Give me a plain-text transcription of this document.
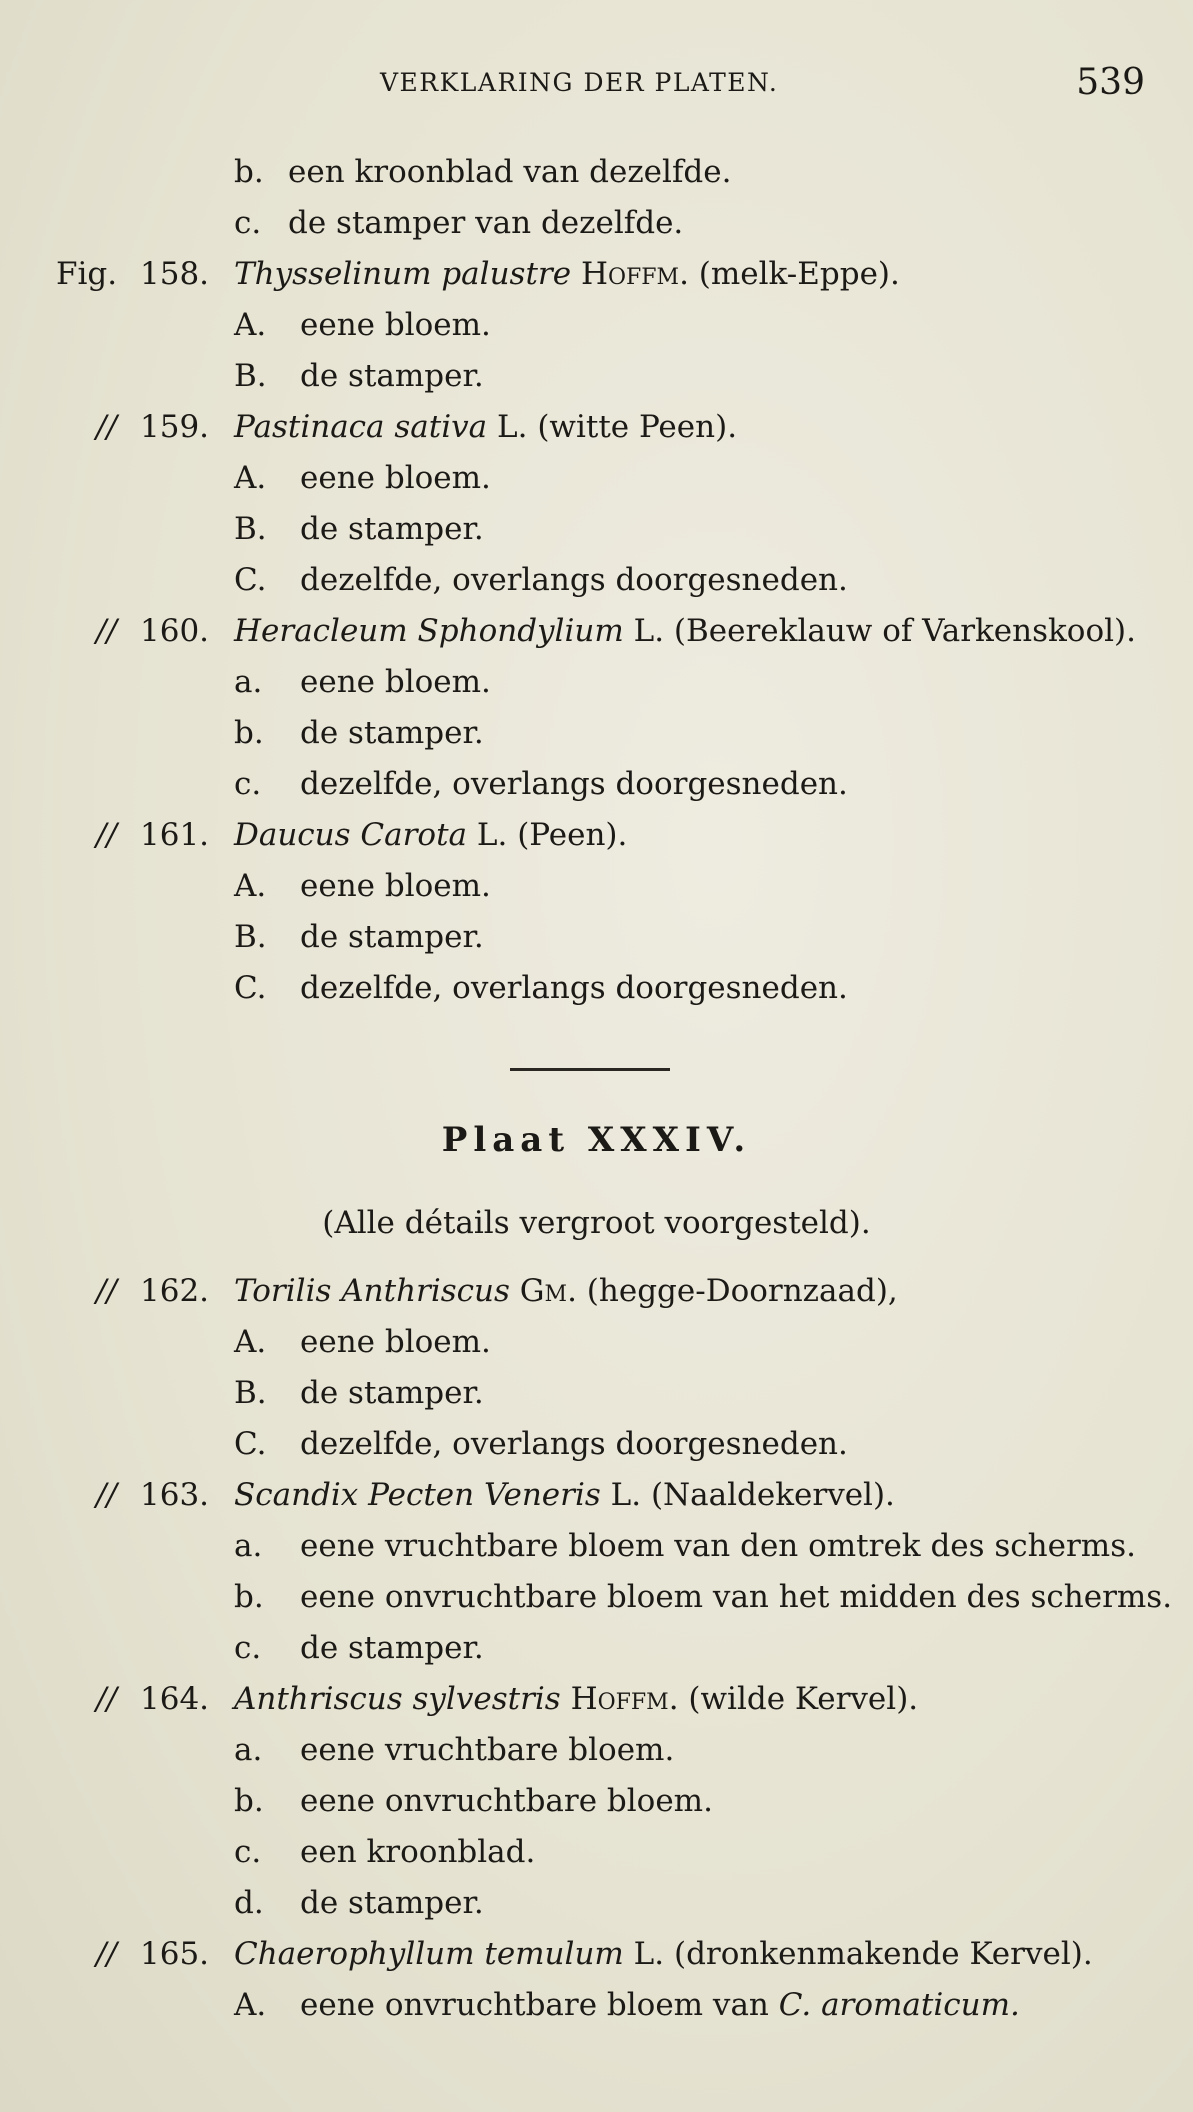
VERKLARING DER PLATEN.	539
b. een kroonblad van dezelfde.
c. de stamper van dezelfde.
Fig. 158. Thysselinum palustre Hoffm. (melk-Eppe).
A. eene bloem.
B. de stamper.
// 159. Pastinaca sativa L. (witte Peen).
A. eene bloem.
B. de stamper.
C. dezelfde, overlangs doorgesneden.
// 160. Heracleum Sphondylium L. (Beereklauw of Varkenskool).
a. eene bloem.
b. de stamper.
c. dezelfde, overlangs doorgesneden.
// 161. Daucus Carota L. (Peen).
A. eene bloem.
B. de stamper.
C. dezelfde, overlangs doorgesneden.
Plaat XXXIV.
(Alle détails vergroot voorgesteld).
// 162. Torilis Anthriscus Gm. (hegge-Doornzaad),
A. eene bloem.
B. de stamper.
C. dezelfde, overlangs doorgesneden.
// 163. Scandix Pecten Veneris L. (Naaldekervel).
a. eene vruchtbare bloem van den omtrek des scherms.
b. eene onvruchtbare bloem van het midden des scherms.
c. de stamper.
// 164. Anthriscus sylvestris Hoffm. (wilde Kervel).
a. eene vruchtbare bloem.
b. eene onvruchtbare bloem.
c. een kroonblad.
d. de stamper.
// 165. Chaerophyllum temulum L. (dronkenmakende Kervel).
A. eene onvruchtbare bloem van C. aromaticum.
